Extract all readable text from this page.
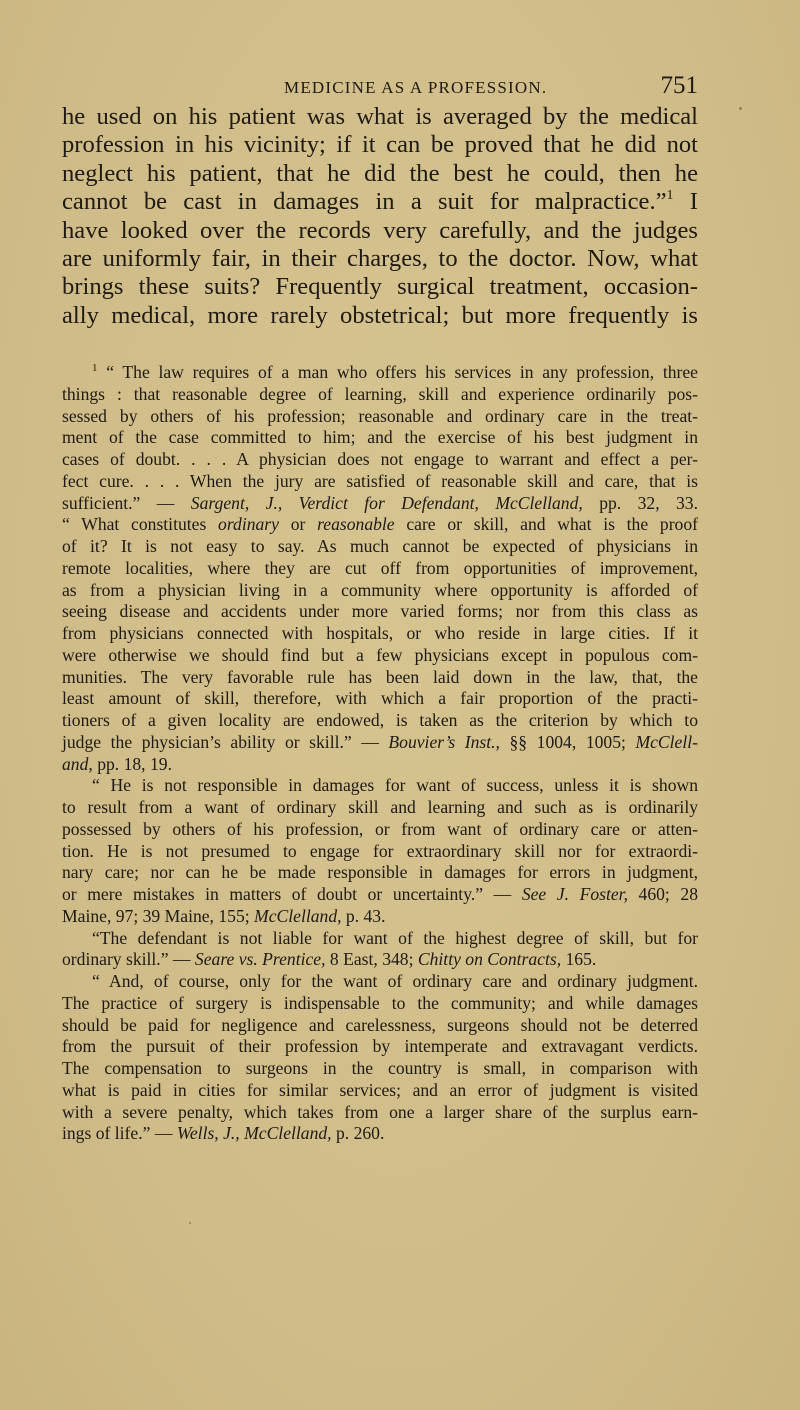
MEDICINE AS A PROFESSION.	751
he used on his patient was what is averaged by the medical
profession in his vicinity; if it can be proved that he did not
neglect his patient, that he did the best he could, then he
cannot be cast in damages in a suit for malpractice.”$^1$ I
have looked over the records very carefully, and the judges
are uniformly fair, in their charges, to the doctor. Now, what
brings these suits? Frequently surgical treatment, occasion-
ally medical, more rarely obstetrical; but more frequently is
$^1$ “ The law requires of a man who offers his services in any profession, three
things : that reasonable degree of learning, skill and experience ordinarily pos-
sessed by others of his profession; reasonable and ordinary care in the treat-
ment of the case committed to him; and the exercise of his best judgment in
cases of doubt. . . . A physician does not engage to warrant and effect a per-
fect cure. . . . When the jury are satisfied of reasonable skill and care, that is
sufficient.” — Sargent, J., Verdict for Defendant, McClelland, pp. 32, 33.
“ What constitutes ordinary or reasonable care or skill, and what is the proof
of it? It is not easy to say. As much cannot be expected of physicians in
remote localities, where they are cut off from opportunities of improvement,
as from a physician living in a community where opportunity is afforded of
seeing disease and accidents under more varied forms; nor from this class as
from physicians connected with hospitals, or who reside in large cities. If it
were otherwise we should find but a few physicians except in populous com-
munities. The very favorable rule has been laid down in the law, that, the
least amount of skill, therefore, with which a fair proportion of the practi-
tioners of a given locality are endowed, is taken as the criterion by which to
judge the physician’s ability or skill.” — Bouvier’s Inst., §§ 1004, 1005; McClell-
and, pp. 18, 19.
“ He is not responsible in damages for want of success, unless it is shown
to result from a want of ordinary skill and learning and such as is ordinarily
possessed by others of his profession, or from want of ordinary care or atten-
tion. He is not presumed to engage for extraordinary skill nor for extraordi-
nary care; nor can he be made responsible in damages for errors in judgment,
or mere mistakes in matters of doubt or uncertainty.” — See J. Foster, 460; 28
Maine, 97; 39 Maine, 155; McClelland, p. 43.
“The defendant is not liable for want of the highest degree of skill, but for
ordinary skill.” — Seare vs. Prentice, 8 East, 348; Chitty on Contracts, 165.
“ And, of course, only for the want of ordinary care and ordinary judgment.
The practice of surgery is indispensable to the community; and while damages
should be paid for negligence and carelessness, surgeons should not be deterred
from the pursuit of their profession by intemperate and extravagant verdicts.
The compensation to surgeons in the country is small, in comparison with
what is paid in cities for similar services; and an error of judgment is visited
with a severe penalty, which takes from one a larger share of the surplus earn-
ings of life.” — Wells, J., McClelland, p. 260.
